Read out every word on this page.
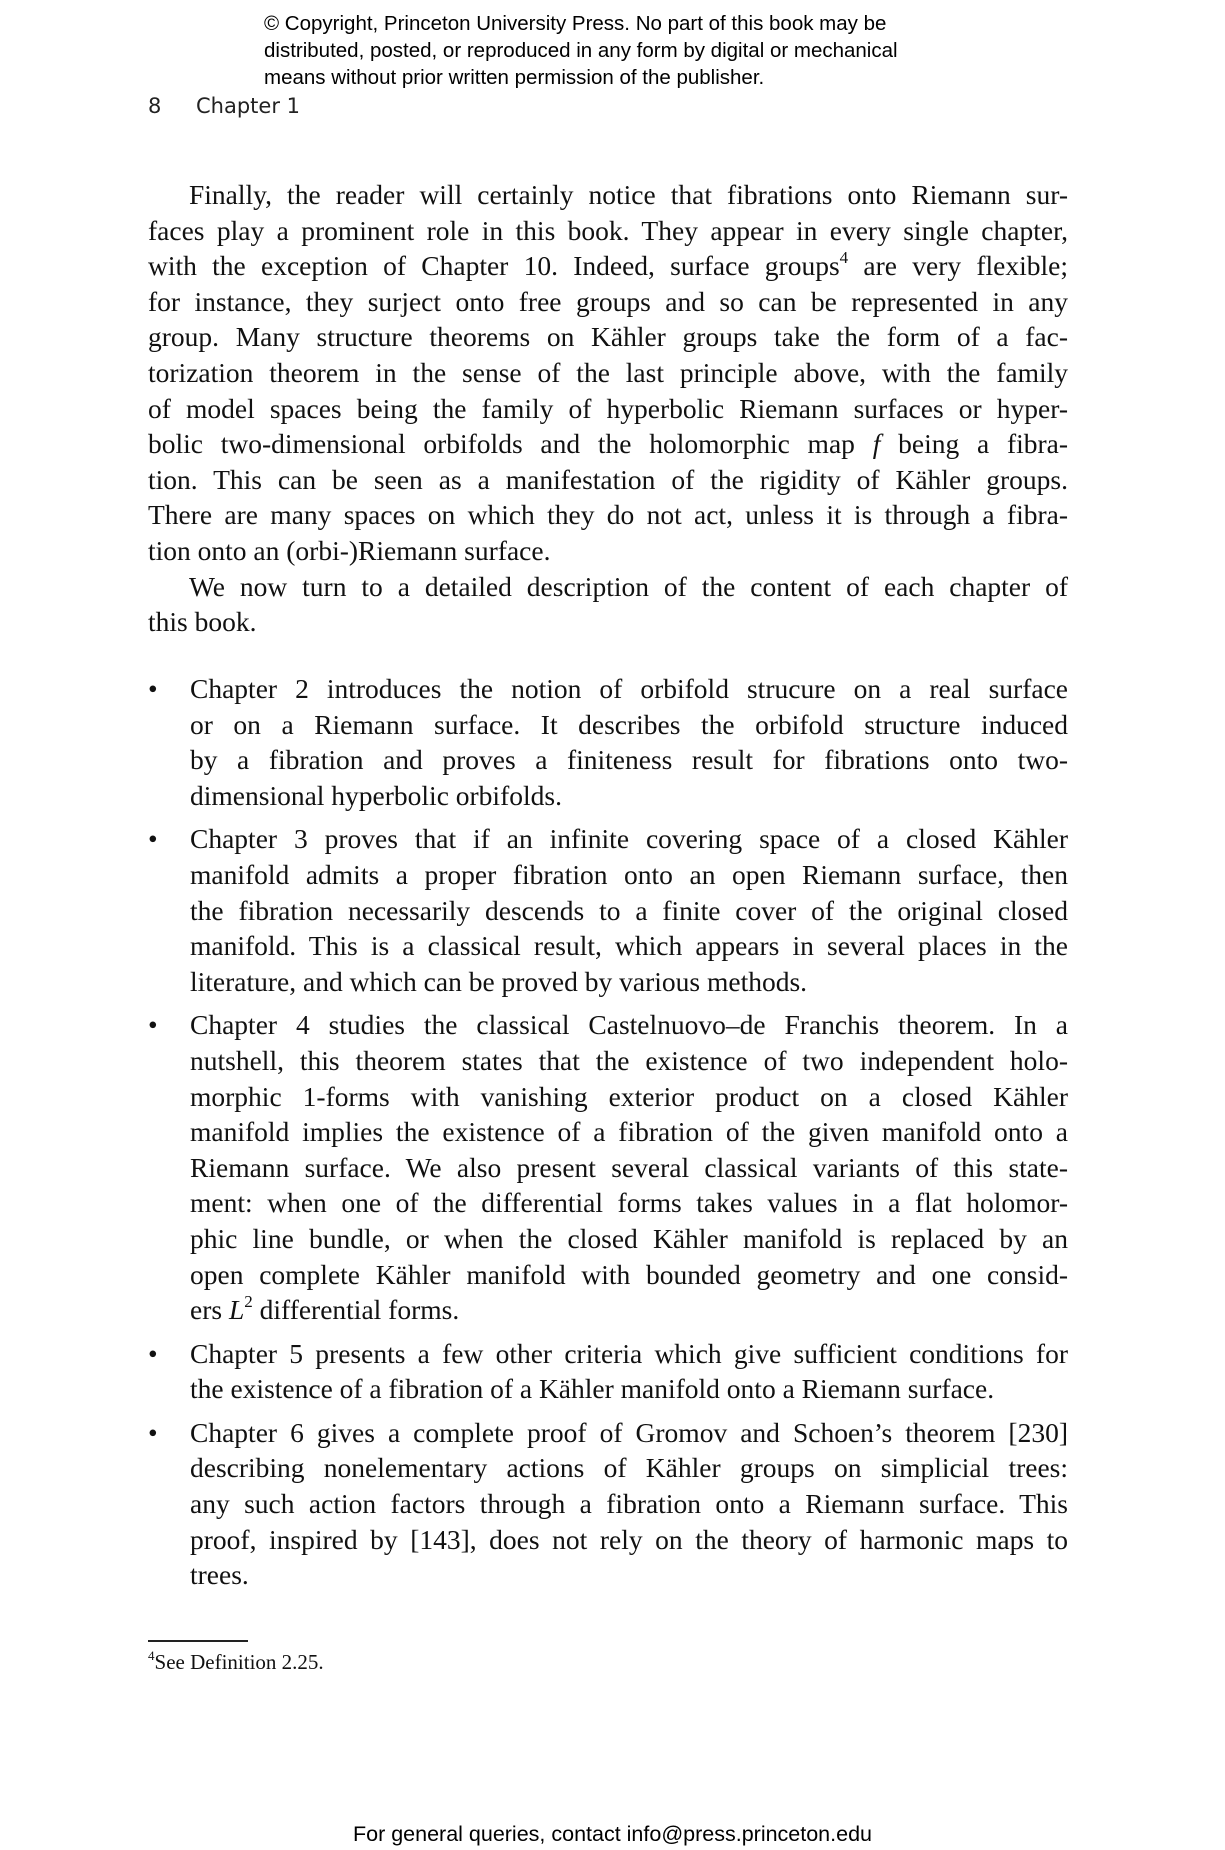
© Copyright, Princeton University Press. No part of this book may be
distributed, posted, or reproduced in any form by digital or mechanical
means without prior written permission of the publisher.
8 Chapter 1
Finally, the reader will certainly notice that fibrations onto Riemann sur-
faces play a prominent role in this book. They appear in every single chapter,
with the exception of Chapter 10. Indeed, surface groups$^4$ are very flexible;
for instance, they surject onto free groups and so can be represented in any
group. Many structure theorems on Kähler groups take the form of a fac-
torization theorem in the sense of the last principle above, with the family
of model spaces being the family of hyperbolic Riemann surfaces or hyper-
bolic two-dimensional orbifolds and the holomorphic map f being a fibra-
tion. This can be seen as a manifestation of the rigidity of Kähler groups.
There are many spaces on which they do not act, unless it is through a fibra-
tion onto an (orbi-)Riemann surface.
We now turn to a detailed description of the content of each chapter of
this book.
• Chapter 2 introduces the notion of orbifold strucure on a real surface
or on a Riemann surface. It describes the orbifold structure induced
by a fibration and proves a finiteness result for fibrations onto two-
dimensional hyperbolic orbifolds.
• Chapter 3 proves that if an infinite covering space of a closed Kähler
manifold admits a proper fibration onto an open Riemann surface, then
the fibration necessarily descends to a finite cover of the original closed
manifold. This is a classical result, which appears in several places in the
literature, and which can be proved by various methods.
• Chapter 4 studies the classical Castelnuovo–de Franchis theorem. In a
nutshell, this theorem states that the existence of two independent holo-
morphic 1-forms with vanishing exterior product on a closed Kähler
manifold implies the existence of a fibration of the given manifold onto a
Riemann surface. We also present several classical variants of this state-
ment: when one of the differential forms takes values in a flat holomor-
phic line bundle, or when the closed Kähler manifold is replaced by an
open complete Kähler manifold with bounded geometry and one consid-
ers $L^2$ differential forms.
• Chapter 5 presents a few other criteria which give sufficient conditions for
the existence of a fibration of a Kähler manifold onto a Riemann surface.
• Chapter 6 gives a complete proof of Gromov and Schoen’s theorem [230]
describing nonelementary actions of Kähler groups on simplicial trees:
any such action factors through a fibration onto a Riemann surface. This
proof, inspired by [143], does not rely on the theory of harmonic maps to
trees.
$^4$See Definition 2.25.
For general queries, contact info@press.princeton.edu
